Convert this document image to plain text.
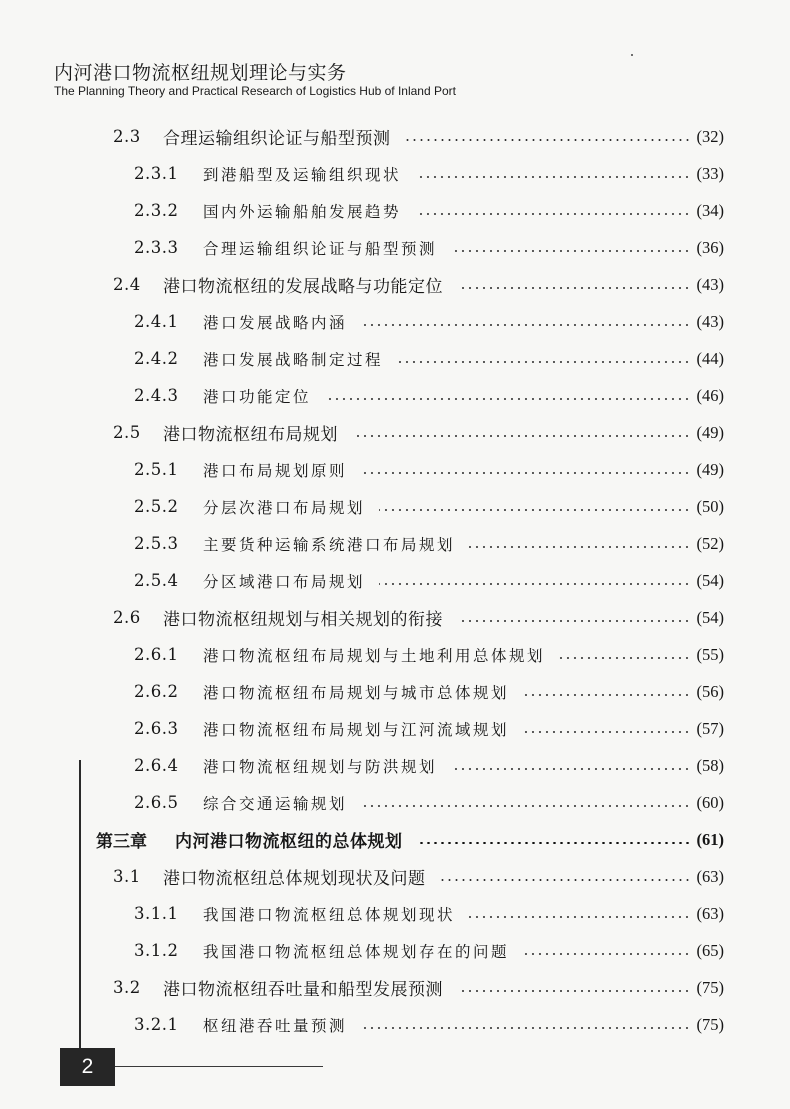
内河港口物流枢纽规划理论与实务
The Planning Theory and Practical Research of Logistics Hub of Inland Port
2.3 合理运输组织论证与船型预测	(32)
2.3.1 到港船型及运输组织现状	(33)
2.3.2 国内外运输船舶发展趋势	(34)
2.3.3 合理运输组织论证与船型预测	(36)
2.4 港口物流枢纽的发展战略与功能定位	(43)
2.4.1 港口发展战略内涵	(43)
2.4.2 港口发展战略制定过程	(44)
2.4.3 港口功能定位	(46)
2.5 港口物流枢纽布局规划	(49)
2.5.1 港口布局规划原则	(49)
2.5.2 分层次港口布局规划	(50)
2.5.3 主要货种运输系统港口布局规划	(52)
2.5.4 分区域港口布局规划	(54)
2.6 港口物流枢纽规划与相关规划的衔接	(54)
2.6.1 港口物流枢纽布局规划与土地利用总体规划	(55)
2.6.2 港口物流枢纽布局规划与城市总体规划	(56)
2.6.3 港口物流枢纽布局规划与江河流域规划	(57)
2.6.4 港口物流枢纽规划与防洪规划	(58)
2.6.5 综合交通运输规划	(60)
第三章 内河港口物流枢纽的总体规划	(61)
3.1 港口物流枢纽总体规划现状及问题	(63)
3.1.1 我国港口物流枢纽总体规划现状	(63)
3.1.2 我国港口物流枢纽总体规划存在的问题	(65)
3.2 港口物流枢纽吞吐量和船型发展预测	(75)
3.2.1 枢纽港吞吐量预测	(75)
2
